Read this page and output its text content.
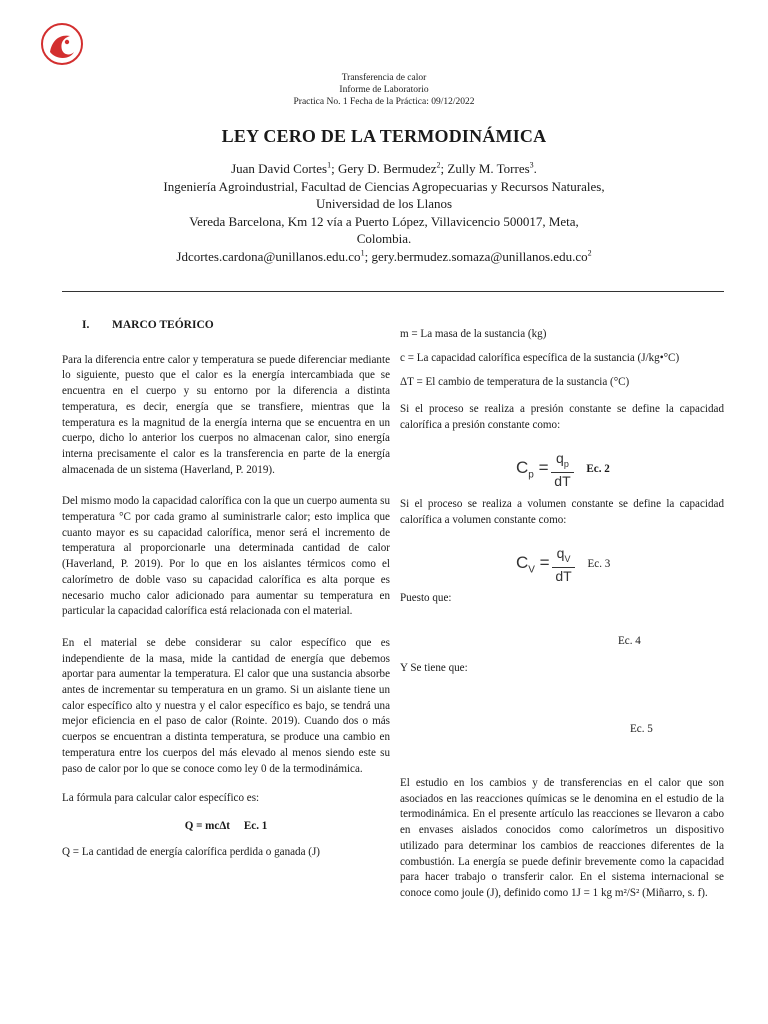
Transferencia de calor
Informe de Laboratorio
Practica No. 1 Fecha de la Práctica: 09/12/2022
LEY CERO DE LA TERMODINÁMICA
Juan David Cortes$^1$; Gery D. Bermudez$^2$; Zully M. Torres$^3$.
Ingeniería Agroindustrial, Facultad de Ciencias Agropecuarias y Recursos Naturales,
Universidad de los Llanos
Vereda Barcelona, Km 12 vía a Puerto López, Villavicencio 500017, Meta,
Colombia.
$Jdcortes.cardona@unillanos.edu.co^1$; $gery.bermudez.somaza@unillanos.edu.co^2$

I. MARCO TEÓRICO

Para la diferencia entre calor y temperatura se puede diferenciar mediante lo siguiente, puesto que el calor es la energía intercambiada que se encuentra en el cuerpo y su entorno por la diferencia a distinta temperatura, es decir, energía que se transfiere, mientras que la temperatura es la magnitud de la energía interna que se encuentra en un cuerpo, dicho lo anterior los cuerpos no almacenan calor, sino energía interna precisamente el calor es la transferencia en parte de la energía almacenada de un sistema (Haverland, P. 2019).

Del mismo modo la capacidad calorífica con la que un cuerpo aumenta su temperatura °C por cada gramo al suministrarle calor; esto implica que cuanto mayor es su capacidad calorífica, menor será el incremento de temperatura al proporcionarle una determinada cantidad de calor (Haverland, P. 2019). Por lo que en los aislantes térmicos como el calorímetro de doble vaso su capacidad calorífica es alta porque es necesario mucho calor adicionado para aumentar su temperatura en particular la capacidad calorífica está relacionada con el material.

En el material se debe considerar su calor específico que es independiente de la masa, mide la cantidad de energía que debemos aportar para aumentar la temperatura. El calor que una sustancia absorbe antes de incrementar su temperatura en un gramo. Si un aislante tiene un calor específico alto y nuestra y el calor específico es bajo, se tendrá una mejor eficiencia en el paso de calor (Rointe. 2019). Cuando dos o más cuerpos se encuentran a distinta temperatura, se produce una cambio en temperatura entre los cuerpos del más elevado al menos siendo este su paso de calor por lo que se conoce como ley 0 de la termodinámica.

La fórmula para calcular calor específico es:

Q = mcΔt     Ec. 1

Q = La cantidad de energía calorífica perdida o ganada (J)

m = La masa de la sustancia (kg)
c = La capacidad calorífica específica de la sustancia (J/kg•°C)
ΔT = El cambio de temperatura de la sustancia (°C)
Si el proceso se realiza a presión constante se define la capacidad calorífica a presión constante como:
$C_p = \frac{q_p}{dT} Ec$. 2
Si el proceso se realiza a volumen constante se define la capacidad calorífica a volumen constante como:
$C_V = \frac{q_V}{dT} Ec$. 3
Puesto que:
Ec. 4
Y Se tiene que:
Ec. 5
El estudio en los cambios y de transferencias en el calor que son asociados en las reacciones químicas se le denomina en el estudio de la termodinámica. En el presente artículo las reacciones se llevaron a cabo en envases aislados conocidos como calorímetros un dispositivo utilizado para determinar los cambios de reacciones diferentes de la combustión. La energía se puede definir brevemente como la capacidad para hacer trabajo o transferir calor. En el sistema internacional se conoce como joule (J), definido como 1J = 1 kg m²/S² (Miñarro, s. f).
